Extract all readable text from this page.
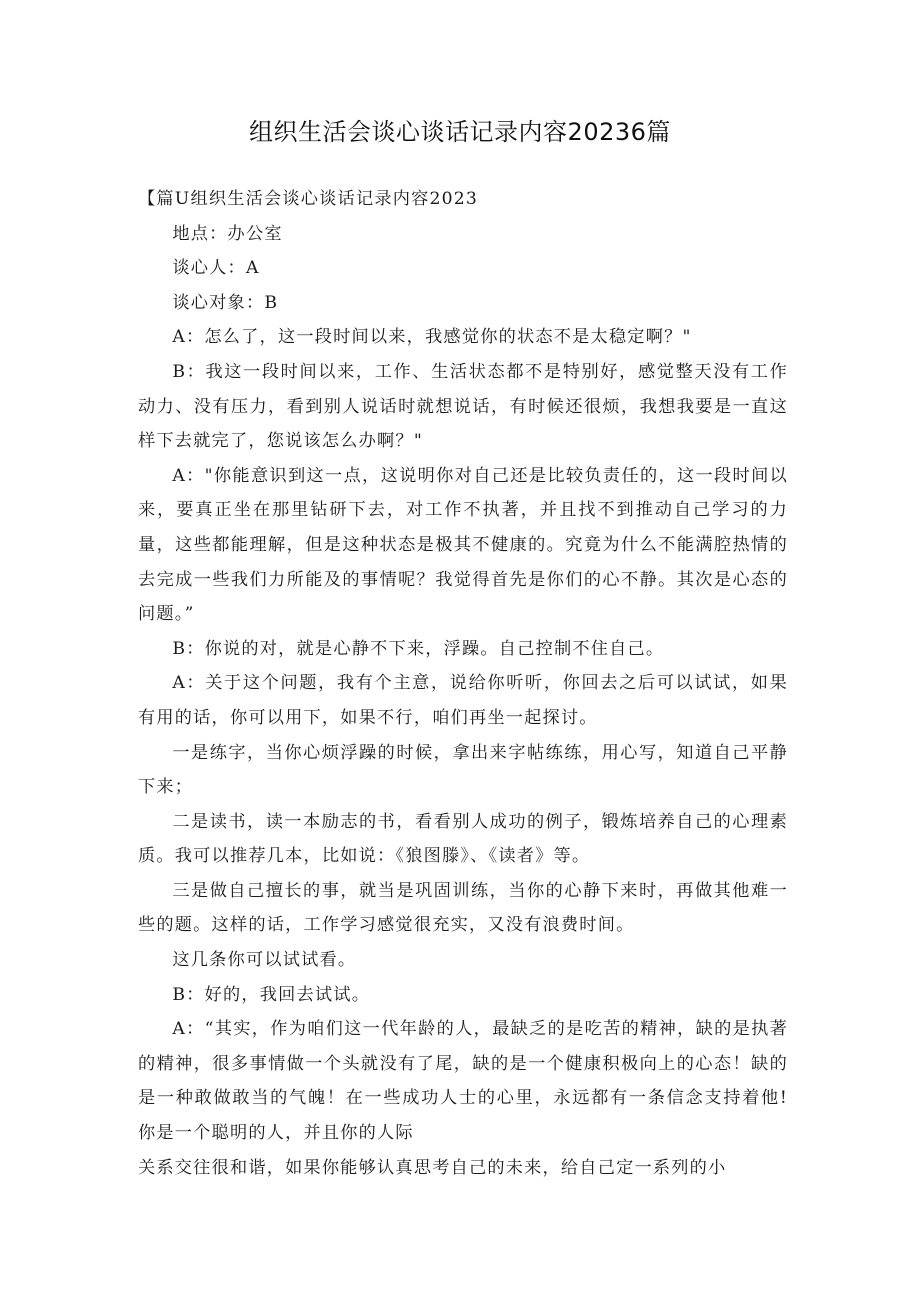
组织生活会谈心谈话记录内容20236篇

【篇U组织生活会谈心谈话记录内容2023

地点：办公室

谈心人：A

谈心对象：B

A：怎么了，这一段时间以来，我感觉你的状态不是太稳定啊？"

B：我这一段时间以来，工作、生活状态都不是特别好，感觉整天没有工作动力、没有压力，看到别人说话时就想说话，有时候还很烦，我想我要是一直这样下去就完了，您说该怎么办啊？"

A："你能意识到这一点，这说明你对自己还是比较负责任的，这一段时间以来，要真正坐在那里钻研下去，对工作不执著，并且找不到推动自己学习的力量，这些都能理解，但是这种状态是极其不健康的。究竟为什么不能满腔热情的去完成一些我们力所能及的事情呢？我觉得首先是你们的心不静。其次是心态的问题。”

B：你说的对，就是心静不下来，浮躁。自己控制不住自己。

A：关于这个问题，我有个主意，说给你听听，你回去之后可以试试，如果有用的话，你可以用下，如果不行，咱们再坐一起探讨。

一是练字，当你心烦浮躁的时候，拿出来字帖练练，用心写，知道自己平静下来；

二是读书，读一本励志的书，看看别人成功的例子，锻炼培养自己的心理素质。我可以推荐几本，比如说：《狼图滕》、《读者》等。

三是做自己擅长的事，就当是巩固训练，当你的心静下来时，再做其他难一些的题。这样的话，工作学习感觉很充实，又没有浪费时间。

这几条你可以试试看。

B：好的，我回去试试。

A：“其实，作为咱们这一代年龄的人，最缺乏的是吃苦的精神，缺的是执著的精神，很多事情做一个头就没有了尾，缺的是一个健康积极向上的心态！缺的是一种敢做敢当的气魄！在一些成功人士的心里，永远都有一条信念支持着他!你是一个聪明的人，并且你的人际

关系交往很和谐，如果你能够认真思考自己的未来，给自己定一系列的小
